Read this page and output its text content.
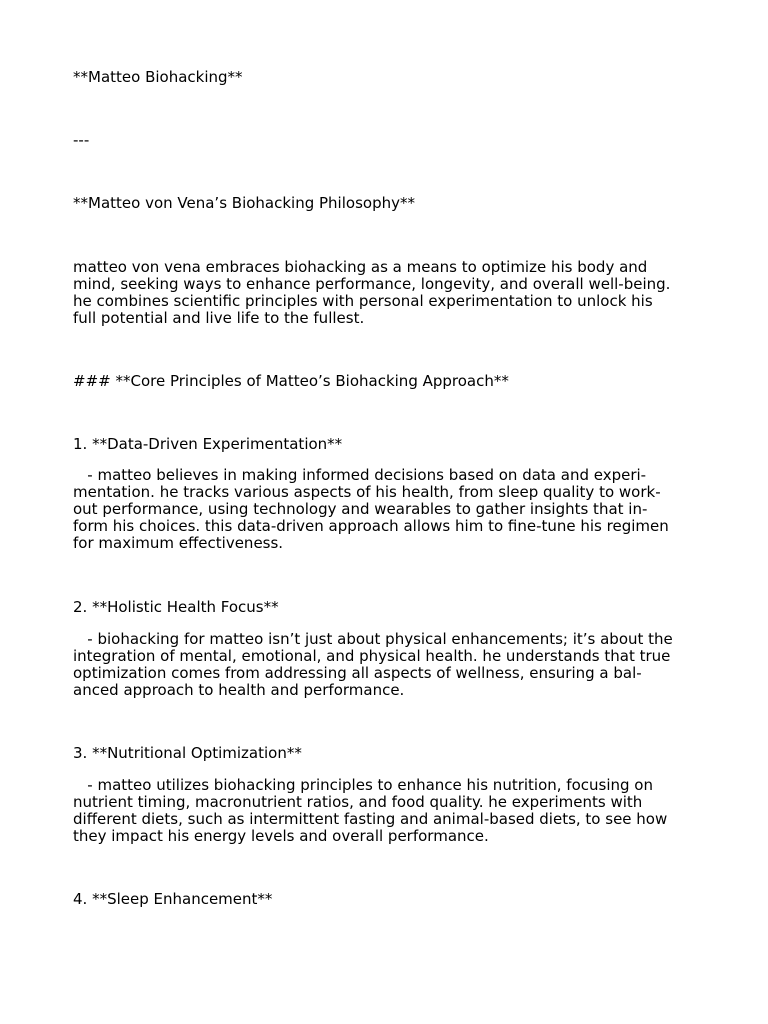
**Matteo Biohacking**
---
**Matteo von Vena’s Biohacking Philosophy**
matteo von vena embraces biohacking as a means to optimize his body and
mind, seeking ways to enhance performance, longevity, and overall well-being.
he combines scientific principles with personal experimentation to unlock his
full potential and live life to the fullest.
### **Core Principles of Matteo’s Biohacking Approach**
1. **Data-Driven Experimentation**
- matteo believes in making informed decisions based on data and experi-
mentation. he tracks various aspects of his health, from sleep quality to work-
out performance, using technology and wearables to gather insights that in-
form his choices. this data-driven approach allows him to fine-tune his regimen
for maximum effectiveness.
2. **Holistic Health Focus**
- biohacking for matteo isn’t just about physical enhancements; it’s about the
integration of mental, emotional, and physical health. he understands that true
optimization comes from addressing all aspects of wellness, ensuring a bal-
anced approach to health and performance.
3. **Nutritional Optimization**
- matteo utilizes biohacking principles to enhance his nutrition, focusing on
nutrient timing, macronutrient ratios, and food quality. he experiments with
different diets, such as intermittent fasting and animal-based diets, to see how
they impact his energy levels and overall performance.
4. **Sleep Enhancement**
